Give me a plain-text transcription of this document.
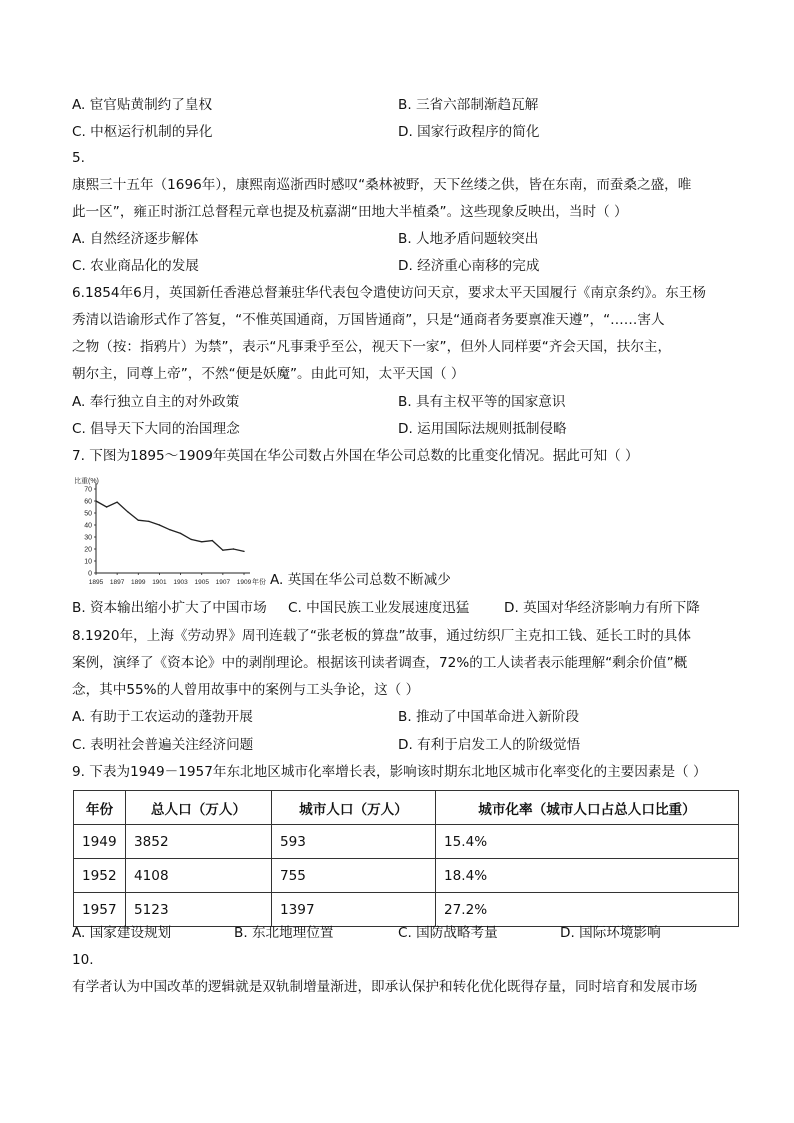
A. 宦官贴黄制约了皇权	B. 三省六部制渐趋瓦解
C. 中枢运行机制的异化	D. 国家行政程序的简化
5.
康熙三十五年（1696年），康熙南巡浙西时感叹“桑林被野，天下丝缕之供，皆在东南，而蚕桑之盛，唯
此一区”，雍正时浙江总督程元章也提及杭嘉湖“田地大半植桑”。这些现象反映出，当时（ ）
A. 自然经济逐步解体	B. 人地矛盾问题较突出
C. 农业商品化的发展	D. 经济重心南移的完成
6.1854年6月，英国新任香港总督兼驻华代表包令遣使访问天京，要求太平天国履行《南京条约》。东王杨
秀清以诰谕形式作了答复，“不惟英国通商，万国皆通商”，只是“通商者务要禀准天遵”，“……害人
之物（按：指鸦片）为禁”，表示“凡事秉乎至公，视天下一家”，但外人同样要“齐会天国，扶尔主，
朝尔主，同尊上帝”，不然“便是妖魔”。由此可知，太平天国（ ）
A. 奉行独立自主的对外政策	B. 具有主权平等的国家意识
C. 倡导天下大同的治国理念	D. 运用国际法规则抵制侵略
7. 下图为1895～1909年英国在华公司数占外国在华公司总数的比重变化情况。据此可知（ ）
比重(%)
70
60
50
40
30
20
10
0
1895 1897 1899 1901 1903 1905 1907 1909 年份 A. 英国在华公司总数不断减少
B. 资本输出缩小扩大了中国市场 C. 中国民族工业发展速度迅猛	D. 英国对华经济影响力有所下降
8.1920年，上海《劳动界》周刊连载了“张老板的算盘”故事，通过纺织厂主克扣工钱、延长工时的具体
案例，演绎了《资本论》中的剥削理论。根据该刊读者调查，72%的工人读者表示能理解“剩余价值”概
念，其中55%的人曾用故事中的案例与工头争论，这（ ）
A. 有助于工农运动的蓬勃开展	B. 推动了中国革命进入新阶段
C. 表明社会普遍关注经济问题	D. 有利于启发工人的阶级觉悟
9. 下表为1949－1957年东北地区城市化率增长表，影响该时期东北地区城市化率变化的主要因素是（ ）
年份	总人口（万人）	城市人口（万人）	城市化率（城市人口占总人口比重）
1949	3852	593	15.4%
1952	4108	755	18.4%
1957	5123	1397	27.2%
A. 国家建设规划	B. 东北地理位置	C. 国防战略考量	D. 国际环境影响
10.
有学者认为中国改革的逻辑就是双轨制增量渐进，即承认保护和转化优化既得存量，同时培育和发展市场
